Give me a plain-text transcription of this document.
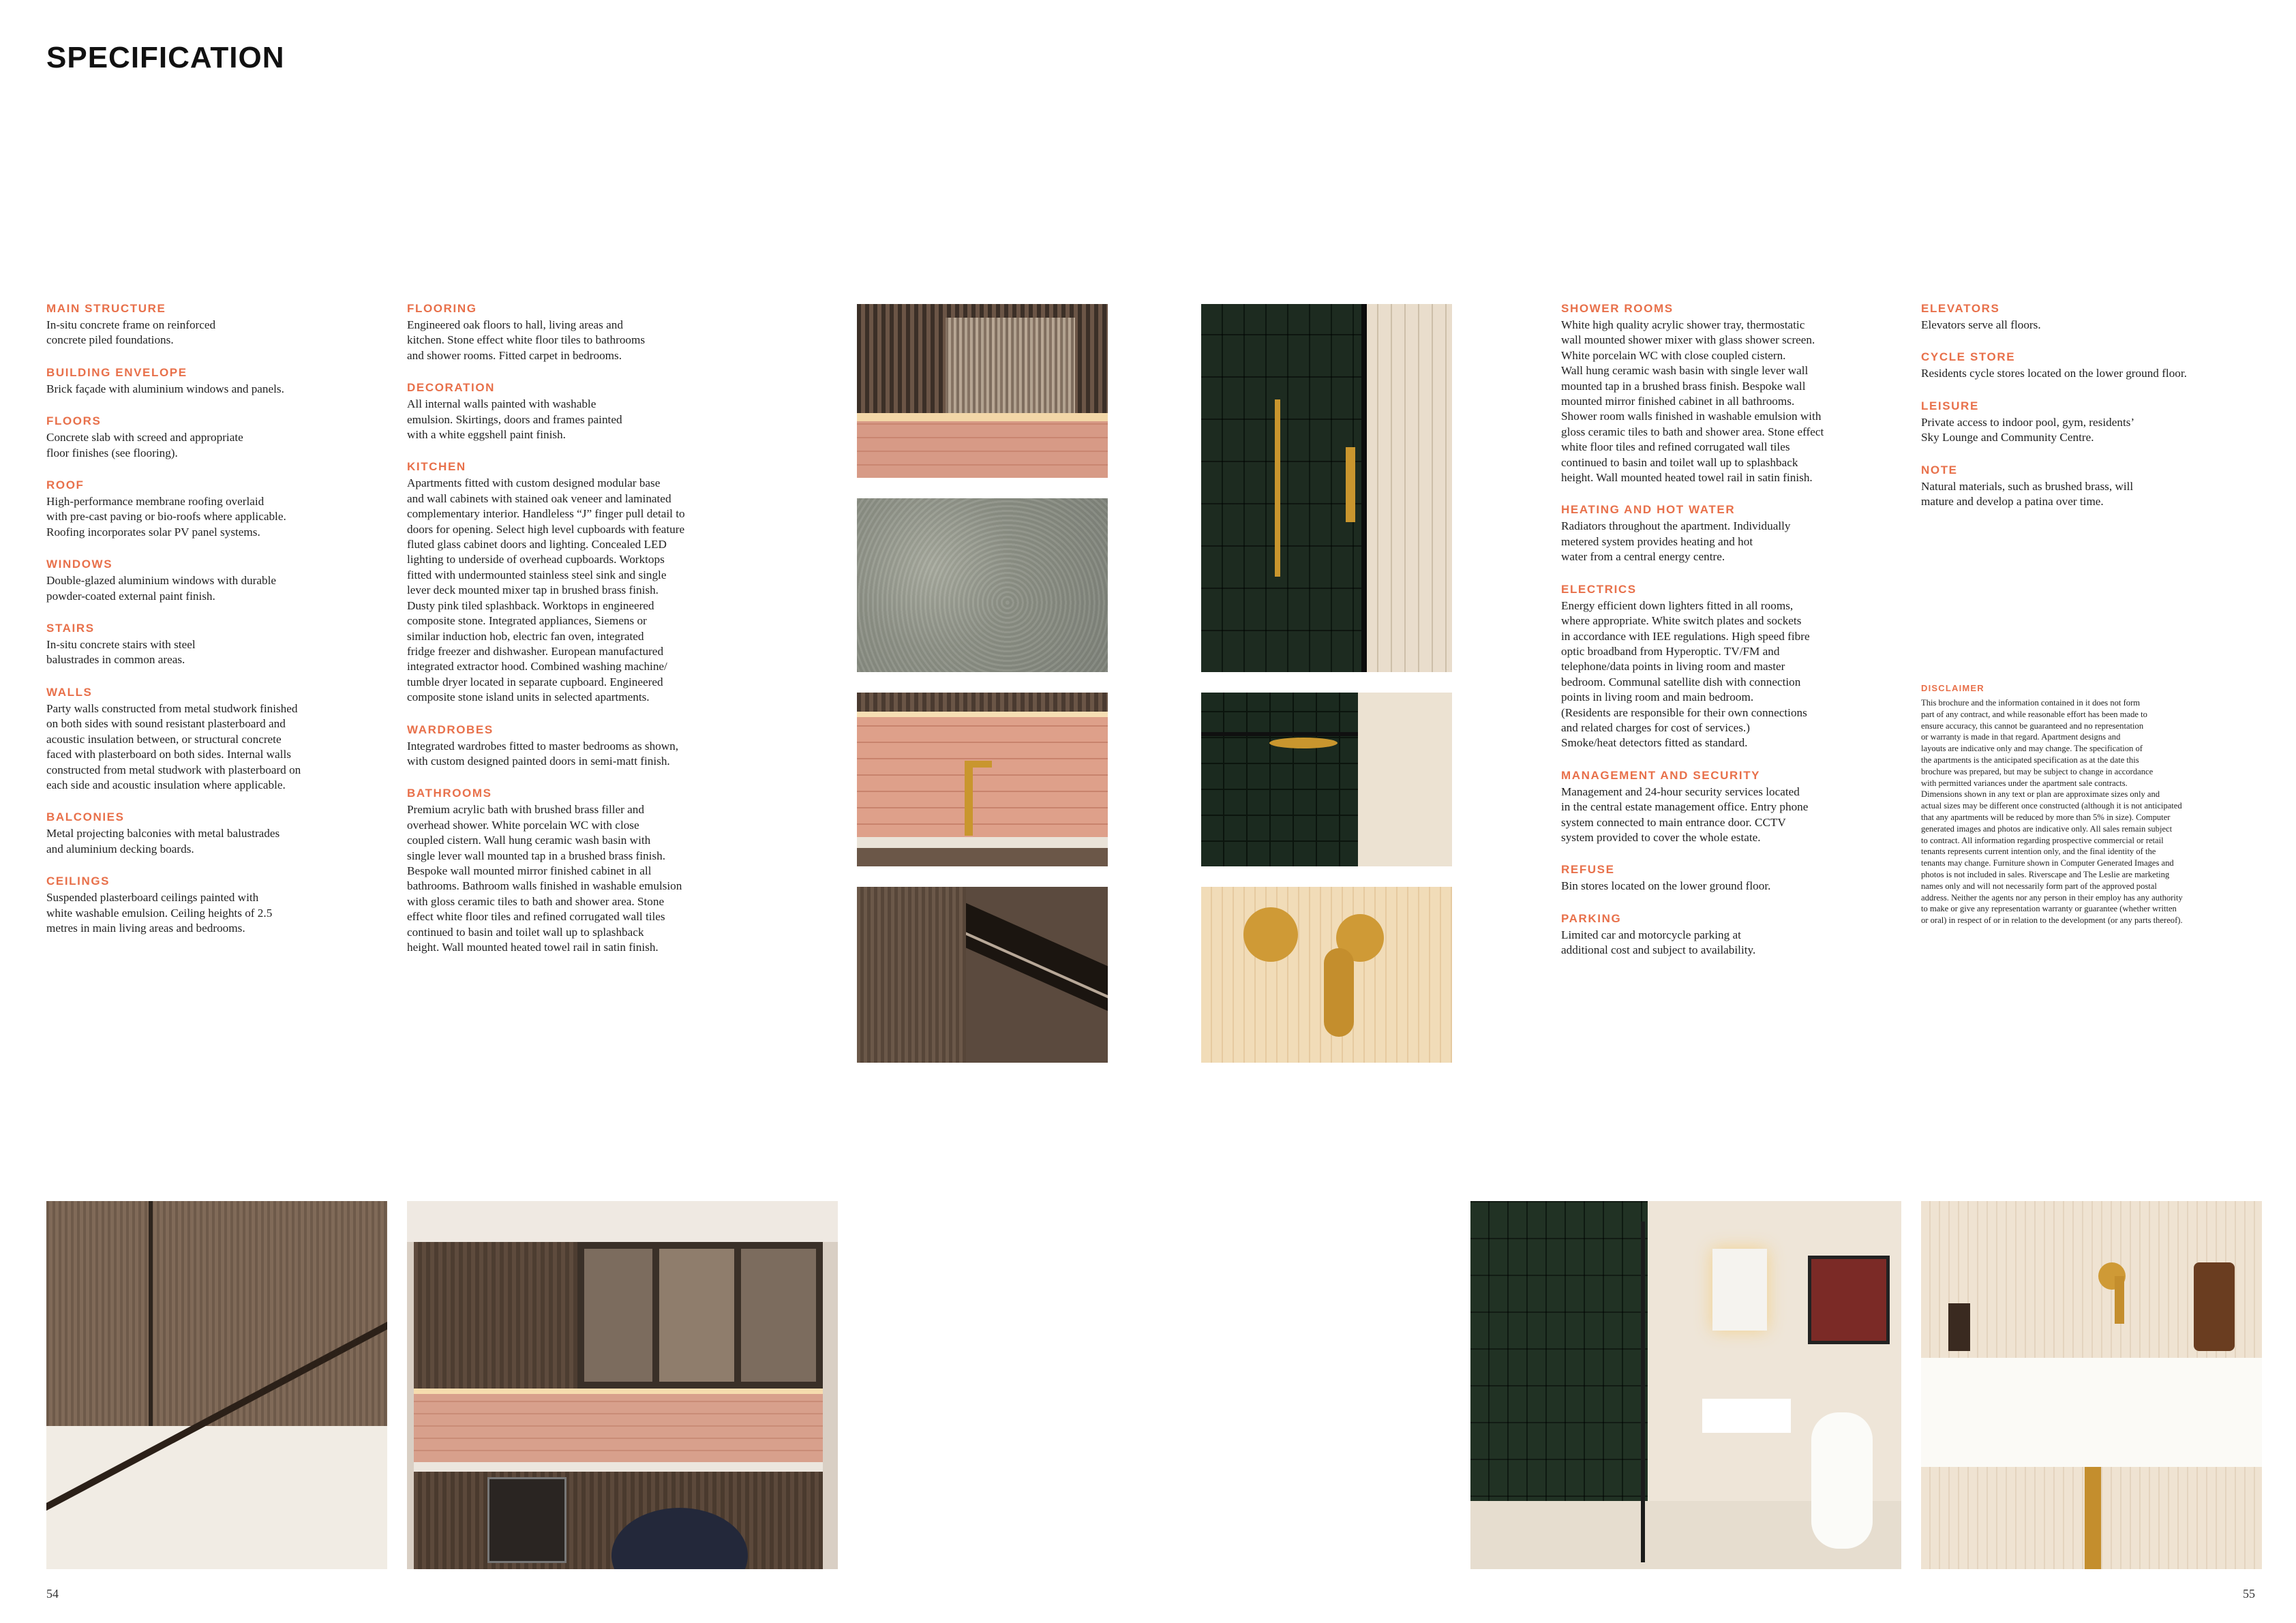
SPECIFICATION
MAIN STRUCTURE
In-situ concrete frame on reinforced
concrete piled foundations.
BUILDING ENVELOPE
Brick façade with aluminium windows and panels.
FLOORS
Concrete slab with screed and appropriate
floor finishes (see flooring).
ROOF
High-performance membrane roofing overlaid
with pre-cast paving or bio-roofs where applicable.
Roofing incorporates solar PV panel systems.
WINDOWS
Double-glazed aluminium windows with durable
powder-coated external paint finish.
STAIRS
In-situ concrete stairs with steel
balustrades in common areas.
WALLS
Party walls constructed from metal studwork finished
on both sides with sound resistant plasterboard and
acoustic insulation between, or structural concrete
faced with plasterboard on both sides. Internal walls
constructed from metal studwork with plasterboard on
each side and acoustic insulation where applicable.
BALCONIES
Metal projecting balconies with metal balustrades
and aluminium decking boards.
CEILINGS
Suspended plasterboard ceilings painted with
white washable emulsion. Ceiling heights of 2.5
metres in main living areas and bedrooms.
FLOORING
Engineered oak floors to hall, living areas and
kitchen. Stone effect white floor tiles to bathrooms
and shower rooms. Fitted carpet in bedrooms.
DECORATION
All internal walls painted with washable
emulsion. Skirtings, doors and frames painted
with a white eggshell paint finish.
KITCHEN
Apartments fitted with custom designed modular base
and wall cabinets with stained oak veneer and laminated
complementary interior. Handleless “J” finger pull detail to
doors for opening. Select high level cupboards with feature
fluted glass cabinet doors and lighting. Concealed LED
lighting to underside of overhead cupboards. Worktops
fitted with undermounted stainless steel sink and single
lever deck mounted mixer tap in brushed brass finish.
Dusty pink tiled splashback. Worktops in engineered
composite stone. Integrated appliances, Siemens or
similar induction hob, electric fan oven, integrated
fridge freezer and dishwasher. European manufactured
integrated extractor hood. Combined washing machine/
tumble dryer located in separate cupboard. Engineered
composite stone island units in selected apartments.
WARDROBES
Integrated wardrobes fitted to master bedrooms as shown,
with custom designed painted doors in semi-matt finish.
BATHROOMS
Premium acrylic bath with brushed brass filler and
overhead shower. White porcelain WC with close
coupled cistern. Wall hung ceramic wash basin with
single lever wall mounted tap in a brushed brass finish.
Bespoke wall mounted mirror finished cabinet in all
bathrooms. Bathroom walls finished in washable emulsion
with gloss ceramic tiles to bath and shower area. Stone
effect white floor tiles and refined corrugated wall tiles
continued to basin and toilet wall up to splashback
height. Wall mounted heated towel rail in satin finish.
SHOWER ROOMS
White high quality acrylic shower tray, thermostatic
wall mounted shower mixer with glass shower screen.
White porcelain WC with close coupled cistern.
Wall hung ceramic wash basin with single lever wall
mounted tap in a brushed brass finish. Bespoke wall
mounted mirror finished cabinet in all bathrooms.
Shower room walls finished in washable emulsion with
gloss ceramic tiles to bath and shower area. Stone effect
white floor tiles and refined corrugated wall tiles
continued to basin and toilet wall up to splashback
height. Wall mounted heated towel rail in satin finish.
HEATING AND HOT WATER
Radiators throughout the apartment. Individually
metered system provides heating and hot
water from a central energy centre.
ELECTRICS
Energy efficient down lighters fitted in all rooms,
where appropriate. White switch plates and sockets
in accordance with IEE regulations. High speed fibre
optic broadband from Hyperoptic. TV/FM and
telephone/data points in living room and master
bedroom. Communal satellite dish with connection
points in living room and main bedroom.
(Residents are responsible for their own connections
and related charges for cost of services.)
Smoke/heat detectors fitted as standard.
MANAGEMENT AND SECURITY
Management and 24-hour security services located
in the central estate management office. Entry phone
system connected to main entrance door. CCTV
system provided to cover the whole estate.
REFUSE
Bin stores located on the lower ground floor.
PARKING
Limited car and motorcycle parking at
additional cost and subject to availability.
ELEVATORS
Elevators serve all floors.
CYCLE STORE
Residents cycle stores located on the lower ground floor.
LEISURE
Private access to indoor pool, gym, residents’
Sky Lounge and Community Centre.
NOTE
Natural materials, such as brushed brass, will
mature and develop a patina over time.
DISCLAIMER
This brochure and the information contained in it does not form
part of any contract, and while reasonable effort has been made to
ensure accuracy, this cannot be guaranteed and no representation
or warranty is made in that regard. Apartment designs and
layouts are indicative only and may change. The specification of
the apartments is the anticipated specification as at the date this
brochure was prepared, but may be subject to change in accordance
with permitted variances under the apartment sale contracts.
Dimensions shown in any text or plan are approximate sizes only and
actual sizes may be different once constructed (although it is not anticipated
that any apartments will be reduced by more than 5% in size). Computer
generated images and photos are indicative only. All sales remain subject
to contract. All information regarding prospective commercial or retail
tenants represents current intention only, and the final identity of the
tenants may change. Furniture shown in Computer Generated Images and
photos is not included in sales. Riverscape and The Leslie are marketing
names only and will not necessarily form part of the approved postal
address. Neither the agents nor any person in their employ has any authority
to make or give any representation warranty or guarantee (whether written
or oral) in respect of or in relation to the development (or any parts thereof).
54	55
